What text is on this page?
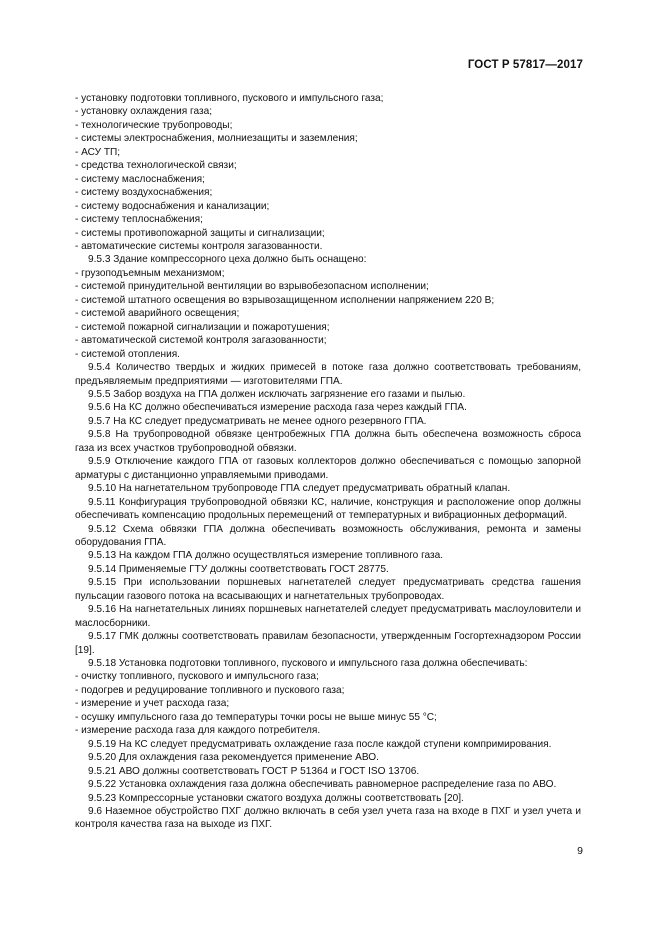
ГОСТ Р 57817—2017

- установку подготовки топливного, пускового и импульсного газа;

- установку охлаждения газа;

- технологические трубопроводы;

- системы электроснабжения, молниезащиты и заземления;

- АСУ ТП;

- средства технологической связи;

- систему маслоснабжения;

- систему воздухоснабжения;

- систему водоснабжения и канализации;

- систему теплоснабжения;

- системы противопожарной защиты и сигнализации;

- автоматические системы контроля загазованности.

9.5.3 Здание компрессорного цеха должно быть оснащено:

- грузоподъемным механизмом;

- системой принудительной вентиляции во взрывобезопасном исполнении;

- системой штатного освещения во взрывозащищенном исполнении напряжением 220 В;

- системой аварийного освещения;

- системой пожарной сигнализации и пожаротушения;

- автоматической системой контроля загазованности;

- системой отопления.

9.5.4 Количество твердых и жидких примесей в потоке газа должно соответствовать требованиям, предъявляемым предприятиями — изготовителями ГПА.

9.5.5 Забор воздуха на ГПА должен исключать загрязнение его газами и пылью.

9.5.6 На КС должно обеспечиваться измерение расхода газа через каждый ГПА.

9.5.7 На КС следует предусматривать не менее одного резервного ГПА.

9.5.8 На трубопроводной обвязке центробежных ГПА должна быть обеспечена возможность сброса газа из всех участков трубопроводной обвязки.

9.5.9 Отключение каждого ГПА от газовых коллекторов должно обеспечиваться с помощью запорной арматуры с дистанционно управляемыми приводами.

9.5.10 На нагнетательном трубопроводе ГПА следует предусматривать обратный клапан.

9.5.11 Конфигурация трубопроводной обвязки КС, наличие, конструкция и расположение опор должны обеспечивать компенсацию продольных перемещений от температурных и вибрационных деформаций.

9.5.12 Схема обвязки ГПА должна обеспечивать возможность обслуживания, ремонта и замены оборудования ГПА.

9.5.13 На каждом ГПА должно осуществляться измерение топливного газа.

9.5.14 Применяемые ГТУ должны соответствовать ГОСТ 28775.

9.5.15 При использовании поршневых нагнетателей следует предусматривать средства гашения пульсации газового потока на всасывающих и нагнетательных трубопроводах.

9.5.16 На нагнетательных линиях поршневых нагнетателей следует предусматривать маслоуловители и маслосборники.

9.5.17 ГМК должны соответствовать правилам безопасности, утвержденным Госгортехнадзором России [19].

9.5.18 Установка подготовки топливного, пускового и импульсного газа должна обеспечивать:

- очистку топливного, пускового и импульсного газа;

- подогрев и редуцирование топливного и пускового газа;

- измерение и учет расхода газа;

- осушку импульсного газа до температуры точки росы не выше минус 55 °С;

- измерение расхода газа для каждого потребителя.

9.5.19 На КС следует предусматривать охлаждение газа после каждой ступени компримирования.

9.5.20 Для охлаждения газа рекомендуется применение АВО.

9.5.21 АВО должны соответствовать ГОСТ Р 51364 и ГОСТ ISO 13706.

9.5.22 Установка охлаждения газа должна обеспечивать равномерное распределение газа по АВО.

9.5.23 Компрессорные установки сжатого воздуха должны соответствовать [20].

9.6 Наземное обустройство ПХГ должно включать в себя узел учета газа на входе в ПХГ и узел учета и контроля качества газа на выходе из ПХГ.

9
